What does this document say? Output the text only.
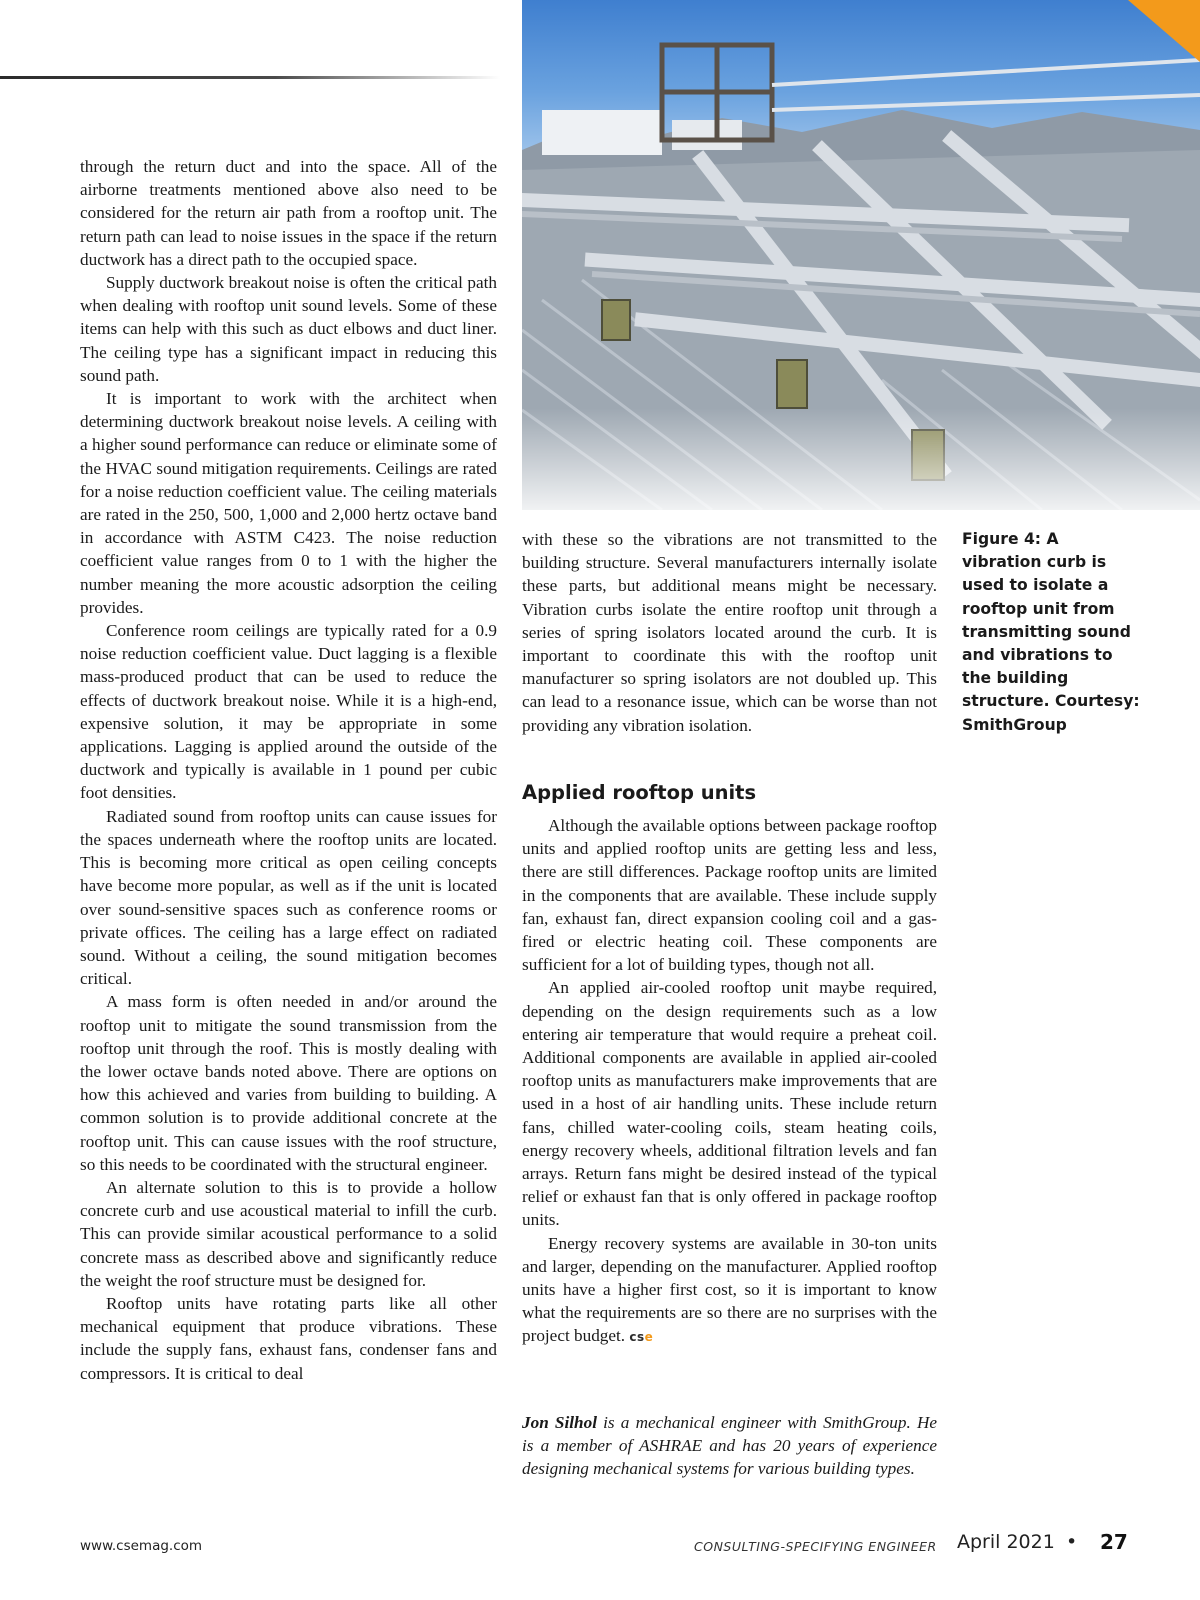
through the return duct and into the space. All of the airborne treatments mentioned above also need to be considered for the return air path from a rooftop unit. The return path can lead to noise issues in the space if the return ductwork has a direct path to the occupied space.

Supply ductwork breakout noise is often the critical path when dealing with rooftop unit sound levels. Some of these items can help with this such as duct elbows and duct liner. The ceiling type has a significant impact in reducing this sound path.

It is important to work with the architect when determining ductwork breakout noise levels. A ceiling with a higher sound performance can reduce or eliminate some of the HVAC sound mitigation requirements. Ceilings are rated for a noise reduction coefficient value. The ceiling materials are rated in the 250, 500, 1,000 and 2,000 hertz octave band in accordance with ASTM C423. The noise reduction coefficient value ranges from 0 to 1 with the higher the number meaning the more acoustic adsorption the ceiling provides.

Conference room ceilings are typically rated for a 0.9 noise reduction coefficient value. Duct lagging is a flexible mass-produced product that can be used to reduce the effects of ductwork breakout noise. While it is a high-end, expensive solution, it may be appropriate in some applications. Lagging is applied around the outside of the ductwork and typically is available in 1 pound per cubic foot densities.

Radiated sound from rooftop units can cause issues for the spaces underneath where the rooftop units are located. This is becoming more critical as open ceiling concepts have become more popular, as well as if the unit is located over sound-sensitive spaces such as conference rooms or private offices. The ceiling has a large effect on radiated sound. Without a ceiling, the sound mitigation becomes critical.

A mass form is often needed in and/or around the rooftop unit to mitigate the sound transmission from the rooftop unit through the roof. This is mostly dealing with the lower octave bands noted above. There are options on how this achieved and varies from building to building. A common solution is to provide additional concrete at the rooftop unit. This can cause issues with the roof structure, so this needs to be coordinated with the structural engineer.

An alternate solution to this is to provide a hollow concrete curb and use acoustical material to infill the curb. This can provide similar acoustical performance to a solid concrete mass as described above and significantly reduce the weight the roof structure must be designed for.

Rooftop units have rotating parts like all other mechanical equipment that produce vibrations. These include the supply fans, exhaust fans, condenser fans and compressors. It is critical to deal

with these so the vibrations are not transmitted to the building structure. Several manufacturers internally isolate these parts, but additional means might be necessary. Vibration curbs isolate the entire rooftop unit through a series of spring isolators located around the curb. It is important to coordinate this with the rooftop unit manufacturer so spring isolators are not doubled up. This can lead to a resonance issue, which can be worse than not providing any vibration isolation.

Applied rooftop units

Although the available options between package rooftop units and applied rooftop units are getting less and less, there are still differences. Package rooftop units are limited in the components that are available. These include supply fan, exhaust fan, direct expansion cooling coil and a gas-fired or electric heating coil. These components are sufficient for a lot of building types, though not all.

An applied air-cooled rooftop unit maybe required, depending on the design requirements such as a low entering air temperature that would require a preheat coil. Additional components are available in applied air-cooled rooftop units as manufacturers make improvements that are used in a host of air handling units. These include return fans, chilled water-cooling coils, steam heating coils, energy recovery wheels, additional filtration levels and fan arrays. Return fans might be desired instead of the typical relief or exhaust fan that is only offered in package rooftop units.

Energy recovery systems are available in 30-ton units and larger, depending on the manufacturer. Applied rooftop units have a higher first cost, so it is important to know what the requirements are so there are no surprises with the project budget. cse

Figure 4: A vibration curb is used to isolate a rooftop unit from transmitting sound and vibrations to the building structure. Courtesy: SmithGroup
Jon Silhol is a mechanical engineer with SmithGroup. He is a member of ASHRAE and has 20 years of experience designing mechanical systems for various building types.
www.csemag.com	CONSULTING-SPECIFYING ENGINEER April 2021 • 27
